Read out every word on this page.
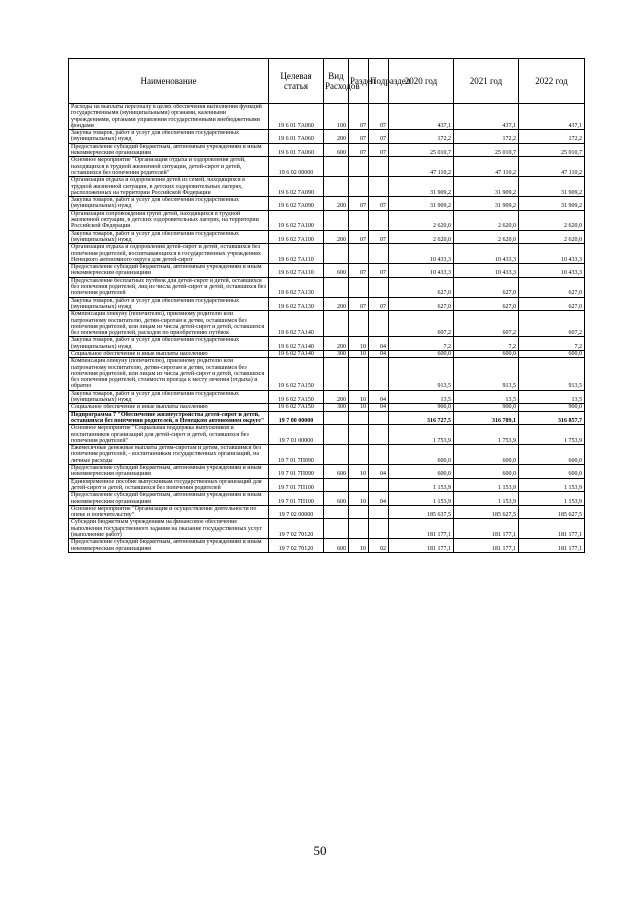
Наименование	Целевая статья	Вид Расходов	Раздел	Подраздел	2020 год	2021 год	2022 год
Расходы на выплаты персоналу в целях обеспечения выполнения функций государственными (муниципальными) органами, казенными учреждениями, органами управления государственными внебюджетными фондами	19 6 01 7А060	100	07	07	437,1	437,1	437,1
Закупка товаров, работ и услуг для обеспечения государственных (муниципальных) нужд	19 6 01 7А060	200	07	07	172,2	172,2	172,2
Предоставление субсидий бюджетным, автономным учреждениям и иным некоммерческим организациям	19 6 01 7А060	600	07	07	25 010,7	25 010,7	25 010,7
Основное мероприятие "Организация отдыха и оздоровления детей, находящихся в трудной жизненной ситуации, детей-сирот и детей, оставшихся без попечения родителей"	19 6 02 00000				47 110,2	47 110,2	47 110,2
Организация отдыха и оздоровления детей из семей, находящихся в трудной жизненной ситуации, в детских оздоровительных лагерях, расположенных на территории Российской Федерации	19 6 02 7А090				31 909,2	31 909,2	31 909,2
Закупка товаров, работ и услуг для обеспечения государственных (муниципальных) нужд	19 6 02 7А090	200	07	07	31 909,2	31 909,2	31 909,2
Организация сопровождения групп детей, находящихся в трудной жизненной ситуации, в детских оздоровительных лагерях, на территории Российской Федерации	19 6 02 7А100				2 620,0	2 620,0	2 620,0
Закупка товаров, работ и услуг для обеспечения государственных (муниципальных) нужд	19 6 02 7А100	200	07	07	2 620,0	2 620,0	2 620,0
Организация отдыха и оздоровления детей-сирот и детей, оставшихся без попечения родителей, воспитывающихся в государственных учреждениях Ненецкого автономного округа для детей-сирот	19 6 02 7А110				10 433,3	10 433,3	10 433,3
Предоставление субсидий бюджетным, автономным учреждениям и иным некоммерческим организациям	19 6 02 7А110	600	07	07	10 433,3	10 433,3	10 433,3
Предоставление бесплатных путёвок для детей-сирот и детей, оставшихся без попечения родителей, лиц из числа детей-сирот и детей, оставшихся без попечения родителей	19 6 02 7А130				627,0	627,0	627,0
Закупка товаров, работ и услуг для обеспечения государственных (муниципальных) нужд	19 6 02 7А130	200	07	07	627,0	627,0	627,0
Компенсация опекуну (попечителю), приемному родителю или патронатному воспитателю, детям-сиротам и детям, оставшимся без попечения родителей, или лицам из числа детей-сирот и детей, оставшихся без попечения родителей, расходов по приобретению путёвок	19 6 02 7А140				607,2	607,2	607,2
Закупка товаров, работ и услуг для обеспечения государственных (муниципальных) нужд	19 6 02 7А140	200	10	04	7,2	7,2	7,2
Социальное обеспечение и иные выплаты населению	19 6 02 7А140	300	10	04	600,0	600,0	600,0
Компенсация опекуну (попечителю), приемному родителю или патронатному воспитателю, детям-сиротам и детям, оставшимся без попечения родителей, или лицам из числа детей-сирот и детей, оставшихся без попечения родителей, стоимости проезда к месту лечения (отдыха) и обратно	19 6 02 7А150				913,5	913,5	913,5
Закупка товаров, работ и услуг для обеспечения государственных (муниципальных) нужд	19 6 02 7А150	200	10	04	13,5	13,5	13,5
Социальное обеспечение и иные выплаты населению	19 6 02 7А150	300	10	04	900,0	900,0	900,0
Подпрограмма 7 "Обеспечение жизнеустройства детей-сирот и детей, оставшихся без попечения родителей, в Ненецком автономном округе"	19 7 00 00000				316 727,5	316 789,1	316 857,7
Основное мероприятие "Социальная поддержка выпускников и воспитанников организаций для детей-сирот и детей, оставшихся без попечения родителей"	19 7 01 00000				1 753,9	1 753,9	1 753,9
Ежемесячные денежные выплаты детям-сиротам и детям, оставшимся без попечения родителей, - воспитанникам государственных организаций, на личные расходы	19 7 01 7П090				600,0	600,0	600,0
Предоставление субсидий бюджетным, автономным учреждениям и иным некоммерческим организациям	19 7 01 7П090	600	10	04	600,0	600,0	600,0
Единовременное пособие выпускникам государственных организаций для детей-сирот и детей, оставшихся без попечения родителей	19 7 01 7П100				1 153,9	1 153,9	1 153,9
Предоставление субсидий бюджетным, автономным учреждениям и иным некоммерческим организациям	19 7 01 7П100	600	10	04	1 153,9	1 153,9	1 153,9
Основное мероприятие "Организация и осуществление деятельности по опеке и попечительству"	19 7 02 00000				185 637,5	185 627,5	185 627,5
Субсидии бюджетным учреждениям на финансовое обеспечение выполнения государственного задания на оказание государственных услуг (выполнение работ)	19 7 02 70120				181 177,1	181 177,1	181 177,1
Предоставление субсидий бюджетным, автономным учреждениям и иным некоммерческим организациям	19 7 02 70120	600	10	02	181 177,1	181 177,1	181 177,1
50
